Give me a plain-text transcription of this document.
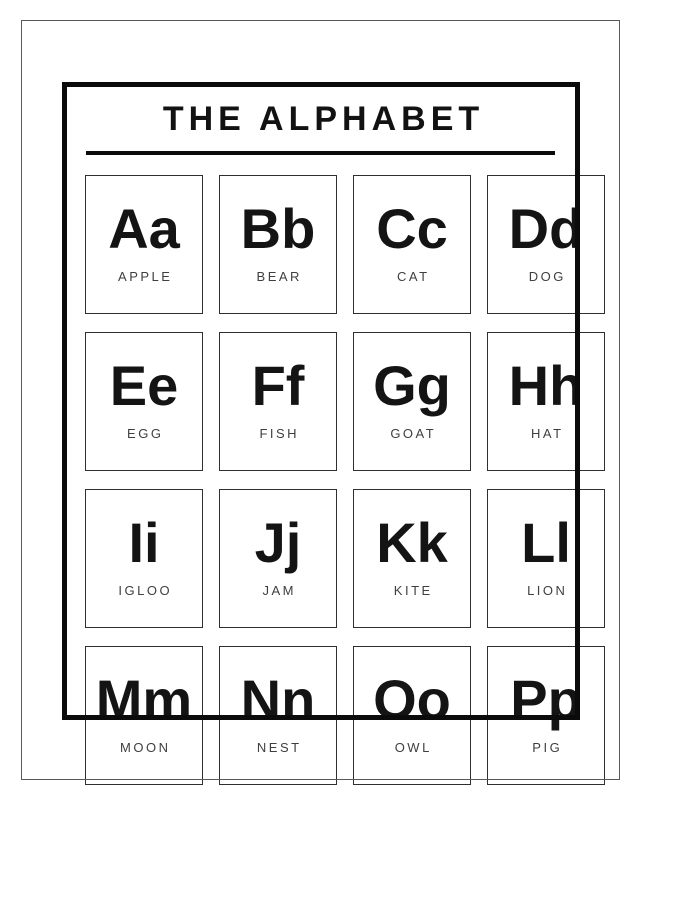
THE ALPHABET
Aa
APPLE
Bb
BEAR
Cc
CAT
Dd
DOG
Ee
EGG
Ff
FISH
Gg
GOAT
Hh
HAT
Ii
IGLOO
Jj
JAM
Kk
KITE
Ll
LION
Mm
MOON
Nn
NEST
Oo
OWL
Pp
PIG
